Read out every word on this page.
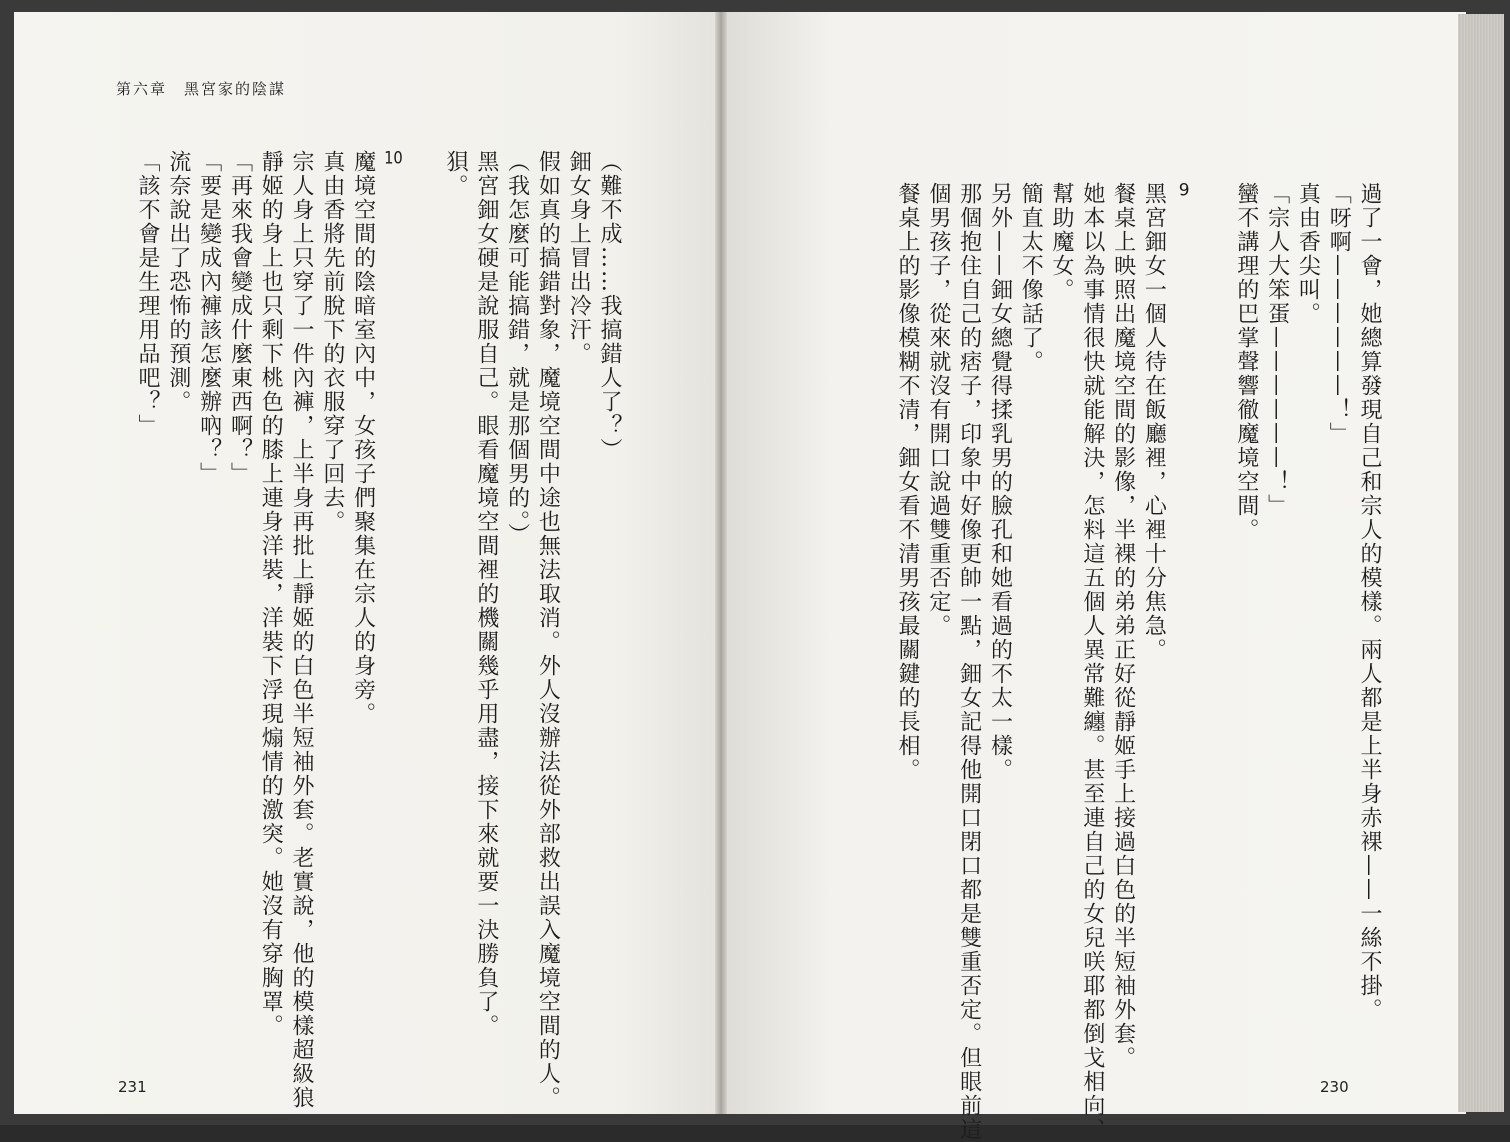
第六章　黑宮家的陰謀
（難不成……我搞錯人了？）
鈿女身上冒出冷汗。
假如真的搞錯對象，魔境空間中途也無法取消。外人沒辦法從外部救出誤入魔境空間的人。
（我怎麼可能搞錯，就是那個男的。）
黑宮鈿女硬是說服自己。眼看魔境空間裡的機關幾乎用盡，接下來就要一決勝負了。
狽。

10
魔境空間的陰暗室內中，女孩子們聚集在宗人的身旁。
真由香將先前脫下的衣服穿了回去。
宗人身上只穿了一件內褲，上半身再批上靜姬的白色半短袖外套。老實說，他的模樣超級狼
靜姬的身上也只剩下桃色的膝上連身洋裝，洋裝下浮現煽情的激突。她沒有穿胸罩。
「再來我會變成什麼東西啊？」
「要是變成內褲該怎麼辦吶？」
流奈說出了恐怖的預測。
「該不會是生理用品吧？」	過了一會，她總算發現自己和宗人的模樣。兩人都是上半身赤裸——一絲不掛。
「呀啊——————！」
真由香尖叫。
「宗人大笨蛋——————！」
蠻不講理的巴掌聲響徹魔境空間。

9
黑宮鈿女一個人待在飯廳裡，心裡十分焦急。
餐桌上映照出魔境空間的影像，半裸的弟弟正好從靜姬手上接過白色的半短袖外套。
她本以為事情很快就能解決，怎料這五個人異常難纏。甚至連自己的女兒咲耶都倒戈相向、
幫助魔女。
簡直太不像話了。
另外——鈿女總覺得揉乳男的臉孔和她看過的不太一樣。
那個抱住自己的痞子，印象中好像更帥一點，鈿女記得他開口閉口都是雙重否定。但眼前這
個男孩子，從來就沒有開口說過雙重否定。
餐桌上的影像模糊不清，鈿女看不清男孩最關鍵的長相。
231	230
